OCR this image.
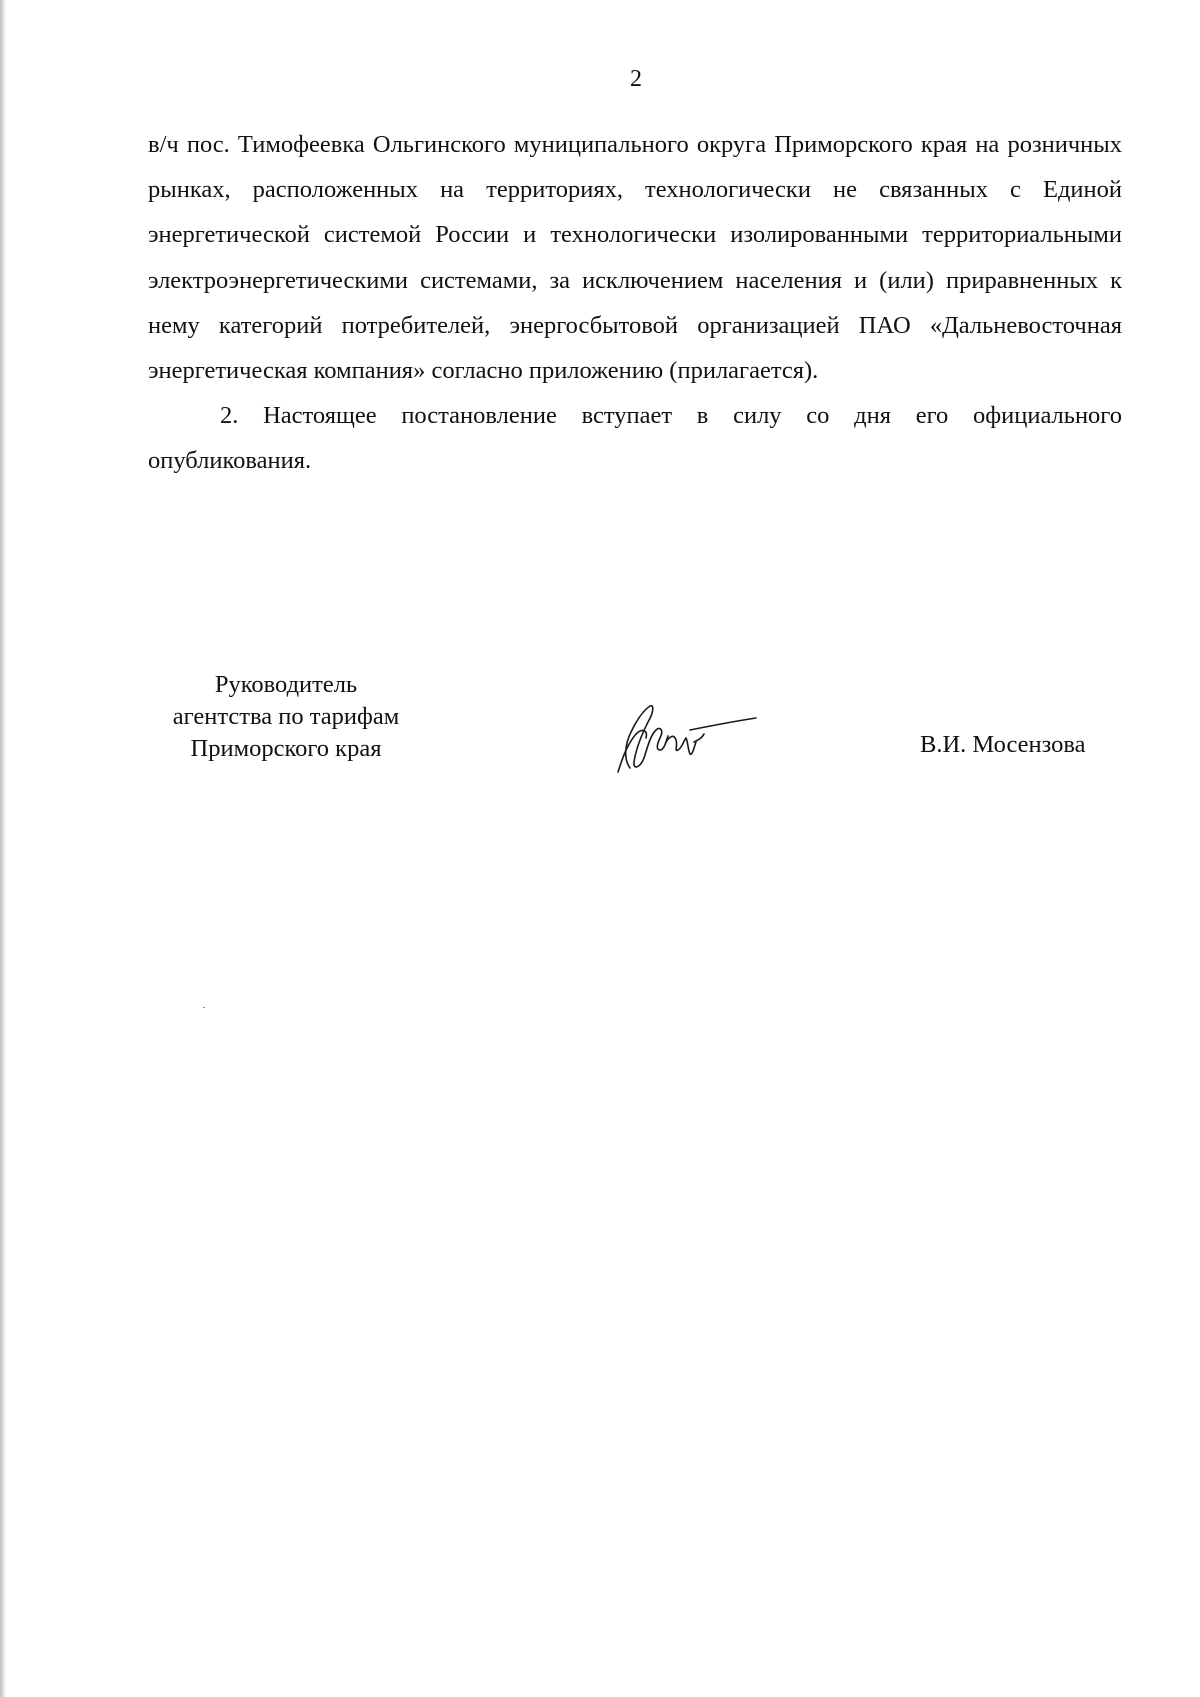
2

в/ч пос. Тимофеевка Ольгинского муниципального округа Приморского края на розничных рынках, расположенных на территориях, технологически не связанных с Единой энергетической системой России и технологически изолированными территориальными электроэнергетическими системами, за исключением населения и (или) приравненных к нему категорий потребителей, энергосбытовой организацией ПАО «Дальневосточная энергетическая компания» согласно приложению (прилагается).

2. Настоящее постановление вступает в силу со дня его официального опубликования.

Руководитель
агентства по тарифам
Приморского края	В.И. Мосензова
